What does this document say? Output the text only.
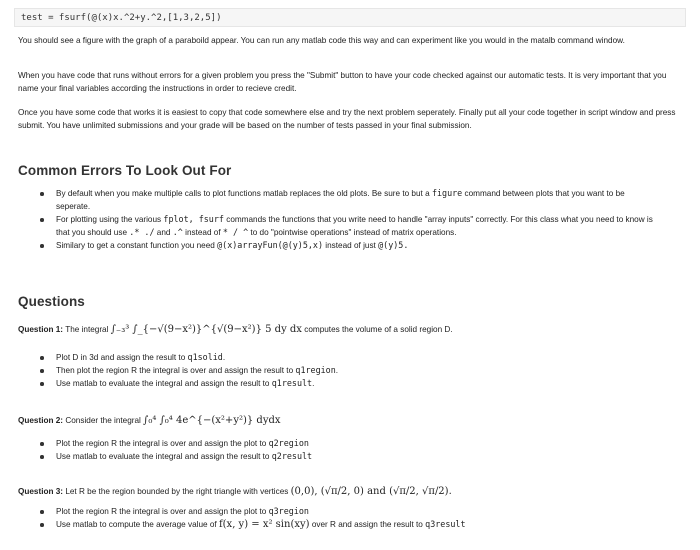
test = fsurf(@(x)x.^2+y.^2,[1,3,2,5])
You should see a figure with the graph of a paraboild appear. You can run any matlab code this way and can experiment like you would in the matalb command window.
When you have code that runs without errors for a given problem you press the "Submit" button to have your code checked against our automatic tests. It is very important that you name your final variables according the instructions in order to recieve credit.
Once you have some code that works it is easiest to copy that code somewhere else and try the next problem seperately. Finally put all your code together in script window and press submit. You have unlimited submissions and your grade will be based on the number of tests passed in your final submission.
Common Errors To Look Out For
By default when you make multiple calls to plot functions matlab replaces the old plots. Be sure to but a figure command between plots that you want to be seperate.
For plotting using the various fplot, fsurf commands the functions that you write need to handle "array inputs" correctly. For this class what you need to know is that you should use .* ./ and .^ instead of * / ^ to do "pointwise operations" instead of matrix operations.
Similary to get a constant function you need @(x)arrayFun(@(y)5,x) instead of just @(y)5.
Questions
Question 1: The integral ∫₋₃³ ∫_{−√(9−x²)}^{√(9−x²)} 5 dy dx computes the volume of a solid region D.
Plot D in 3d and assign the result to q1solid.
Then plot the region R the integral is over and assign the result to q1region.
Use matlab to evaluate the integral and assign the result to q1result.
Question 2: Consider the integral ∫₀⁴ ∫₀⁴ 4e^{−(x²+y²)} dydx
Plot the region R the integral is over and assign the plot to q2region
Use matlab to evaluate the integral and assign the result to q2result
Question 3: Let R be the region bounded by the right triangle with vertices (0,0), (√π/2, 0) and (√π/2, √π/2).
Plot the region R the integral is over and assign the plot to q3region
Use matlab to compute the average value of f(x, y) = x² sin(xy) over R and assign the result to q3result
